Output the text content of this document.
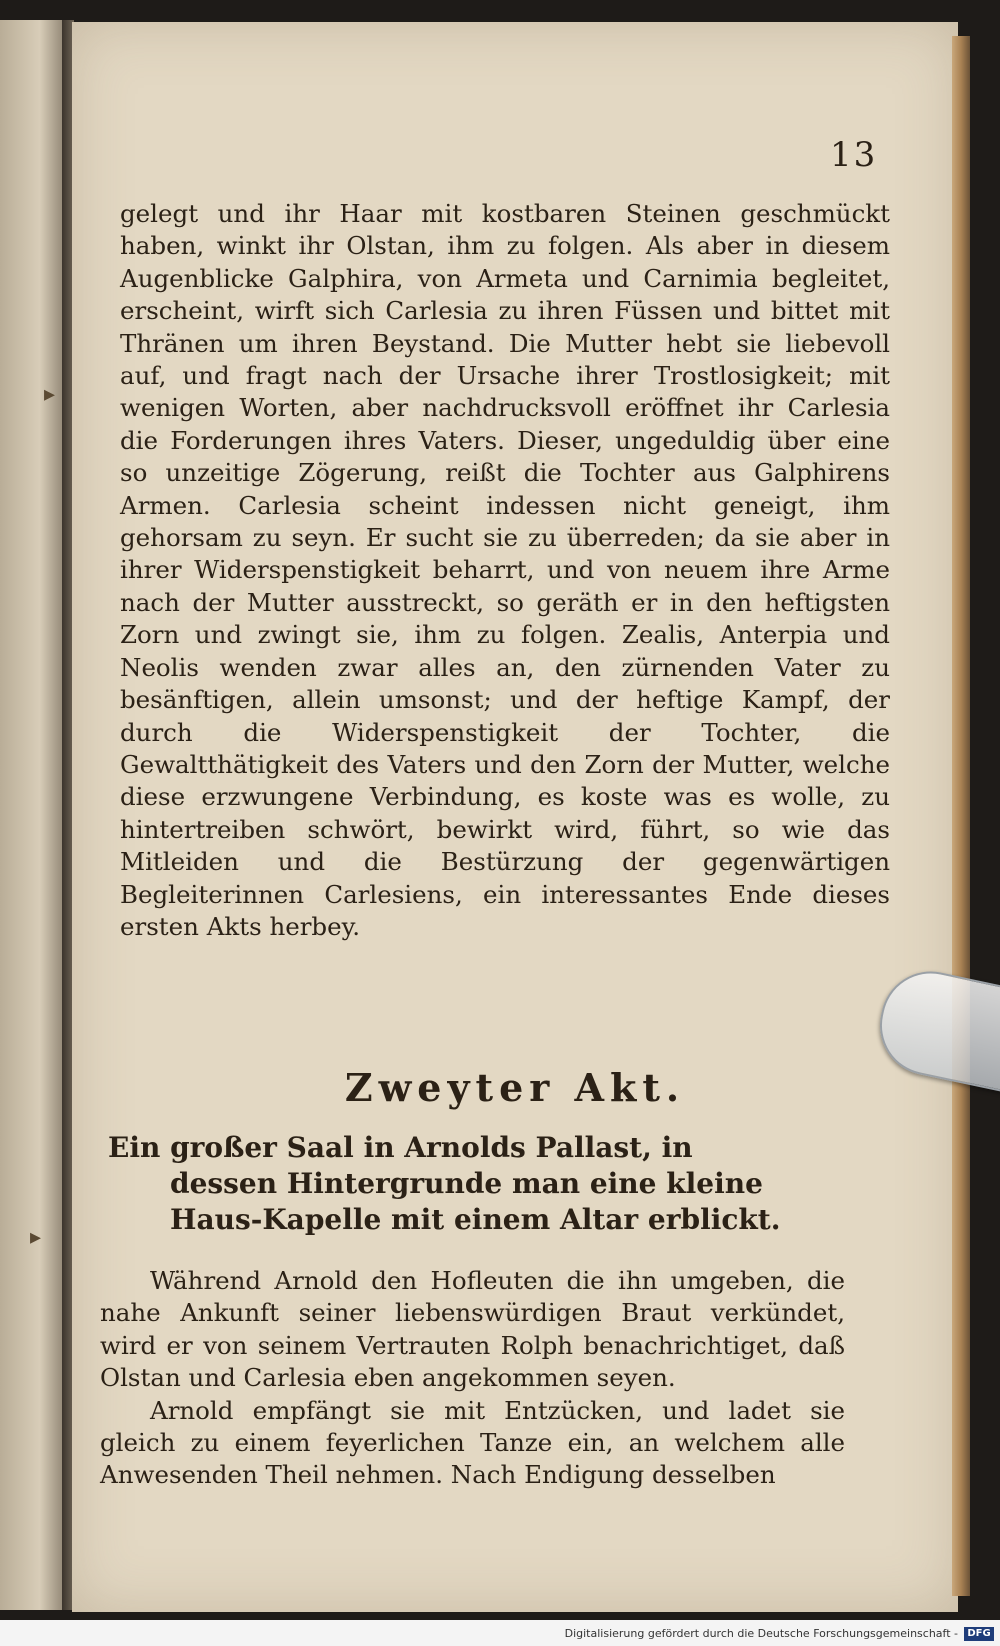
▸
▸
13

gelegt und ihr Haar mit kostbaren Steinen geschmückt haben, winkt ihr Olstan, ihm zu folgen. Als aber in diesem Augenblicke Galphira, von Armeta und Carnimia begleitet, erscheint, wirft sich Carlesia zu ihren Füssen und bittet mit Thränen um ihren Beystand. Die Mutter hebt sie liebevoll auf, und fragt nach der Ursache ihrer Trostlosigkeit; mit wenigen Worten, aber nachdrucksvoll eröffnet ihr Carlesia die Forderungen ihres Vaters. Dieser, ungeduldig über eine so unzeitige Zögerung, reißt die Tochter aus Galphirens Armen. Carlesia scheint indessen nicht geneigt, ihm gehorsam zu seyn. Er sucht sie zu überreden; da sie aber in ihrer Widerspenstigkeit beharrt, und von neuem ihre Arme nach der Mutter ausstreckt, so geräth er in den heftigsten Zorn und zwingt sie, ihm zu folgen. Zealis, Anterpia und Neolis wenden zwar alles an, den zürnenden Vater zu besänftigen, allein umsonst; und der heftige Kampf, der durch die Widerspenstigkeit der Tochter, die Gewaltthätigkeit des Vaters und den Zorn der Mutter, welche diese erzwungene Verbindung, es koste was es wolle, zu hintertreiben schwört, bewirkt wird, führt, so wie das Mitleiden und die Bestürzung der gegenwärtigen Begleiterinnen Carlesiens, ein interessantes Ende dieses ersten Akts herbey.

Zweyter Akt.
Ein großer Saal in Arnolds Pallast, in
dessen Hintergrunde man eine kleine
Haus-Kapelle mit einem Altar erblickt.

Während Arnold den Hofleuten die ihn umgeben, die nahe Ankunft seiner liebenswürdigen Braut verkündet, wird er von seinem Vertrauten Rolph benachrichtiget, daß Olstan und Carlesia eben angekommen seyen.

Arnold empfängt sie mit Entzücken, und ladet sie gleich zu einem feyerlichen Tanze ein, an welchem alle Anwesenden Theil nehmen. Nach Endigung desselben

Digitalisierung gefördert durch die Deutsche Forschungsgemeinschaft - DFG
